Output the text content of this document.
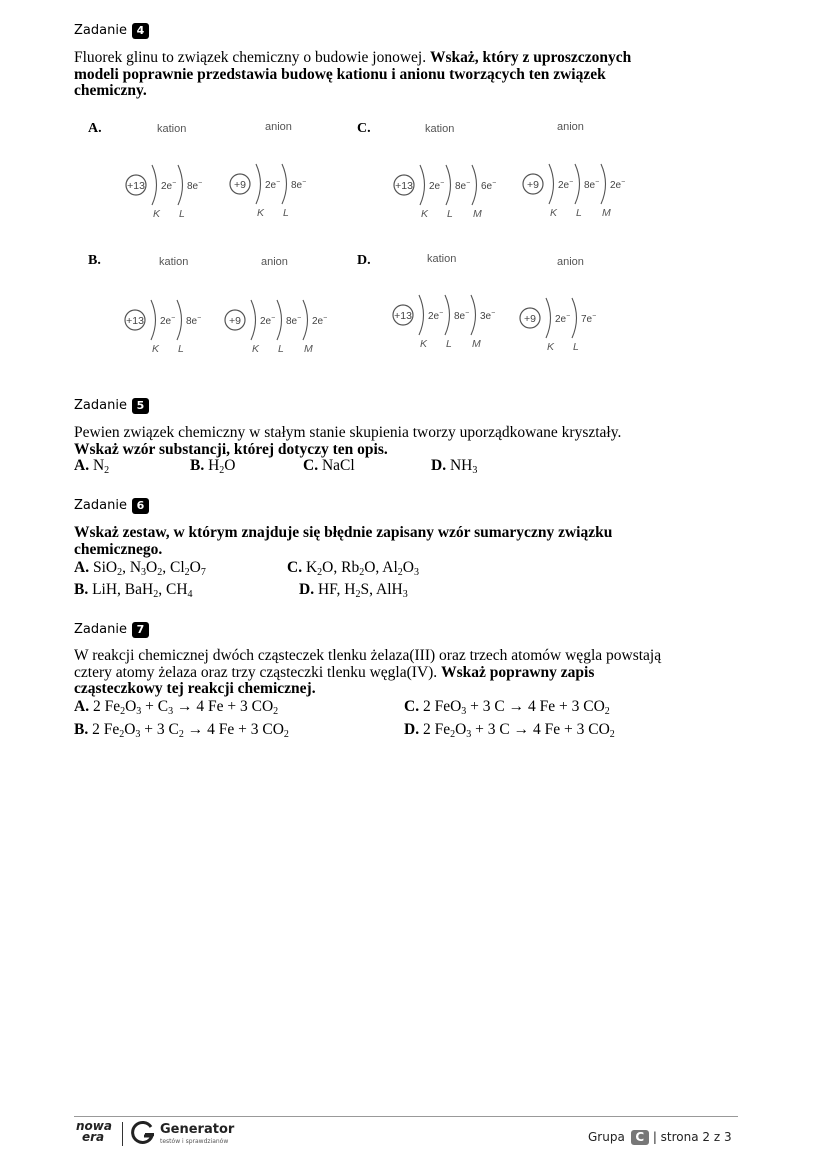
Zadanie 4
Fluorek glinu to związek chemiczny o budowie jonowej. Wskaż, który z uproszczonych modeli poprawnie przedstawia budowę kationu i anionu tworzących ten związek chemiczny.
A.	C.
B.	D.
kation	anion	kation	anion
kation	anion	kation	anion
+13 2e−
K
8e−
L
+9 2e−
K
8e−
L
+13 2e−
K
8e−
L
6e−
M
+9 2e−
K
8e−
L
2e−
M
+13 2e−
K
8e−
L
+9 2e−
K
8e−
L
2e−
M
+13 2e−
K
8e−
L
3e−
M
+9 2e−
K
7e−
L
Zadanie 5
Pewien związek chemiczny w stałym stanie skupienia tworzy uporządkowane kryształy.
Wskaż wzór substancji, której dotyczy ten opis.
A. $N_2$	B. $H_2O$	C. NaCl	D. $NH_3$
Zadanie 6
Wskaż zestaw, w którym znajduje się błędnie zapisany wzór sumaryczny związku chemicznego.
A. SiO$_2$, $N_3O_2$, $Cl_2O_7$	C. $K_2O$, $Rb_2O$, $Al_2O_3$
B. LiH, BaH$_2$, $CH_4$	D. HF, $H_2S$, AlH$_3$
Zadanie 7
W reakcji chemicznej dwóch cząsteczek tlenku żelaza(III) oraz trzech atomów węgla powstają cztery atomy żelaza oraz trzy cząsteczki tlenku węgla(IV). Wskaż poprawny zapis cząsteczkowy tej reakcji chemicznej.
A. 2 $Fe_2O_3 + C_3 \to 4$ Fe + 3 $CO_2$	C. 2 FeO$_3$ + 3 C → 4 Fe + 3 $CO_2$
B. 2 $Fe_2O_3 + 3$ $C_2 \to 4$ Fe + 3 $CO_2$	D. 2 $Fe_2O_3 + 3$ C → 4 Fe + 3 $CO_2$
nowa
era	Generator
testów i sprawdzianów	Grupa C | strona 2 z 3
